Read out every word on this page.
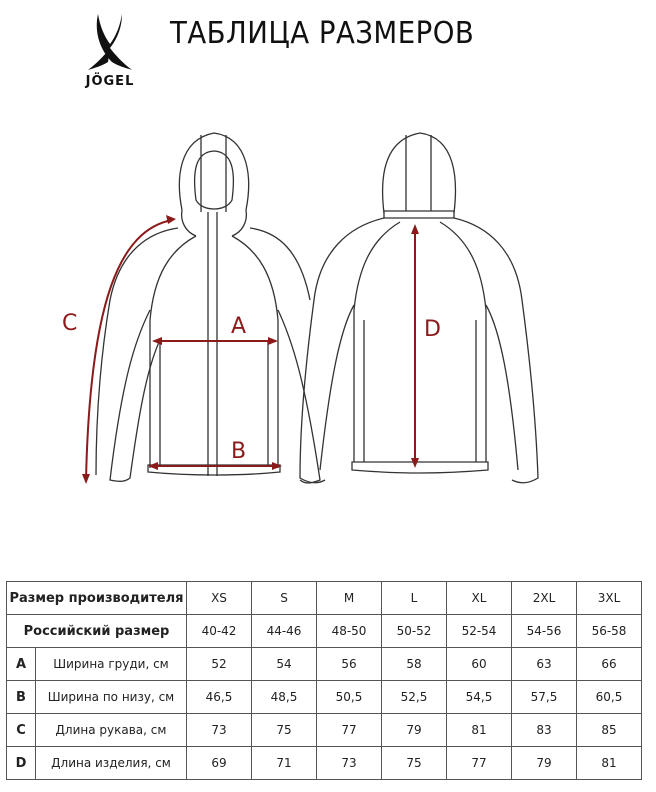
JÖGEL
ТАБЛИЦА РАЗМЕРОВ
A
B
C	D
Размер производителя		XS	S	M	L	XL	2XL	3XL
Российский размер		40-42	44-46	48-50	50-52	52-54	54-56	56-58
A	Ширина груди, см	52	54	56	58	60	63	66
B	Ширина по низу, см	46,5	48,5	50,5	52,5	54,5	57,5	60,5
C	Длина рукава, см	73	75	77	79	81	83	85
D	Длина изделия, см	69	71	73	75	77	79	81
